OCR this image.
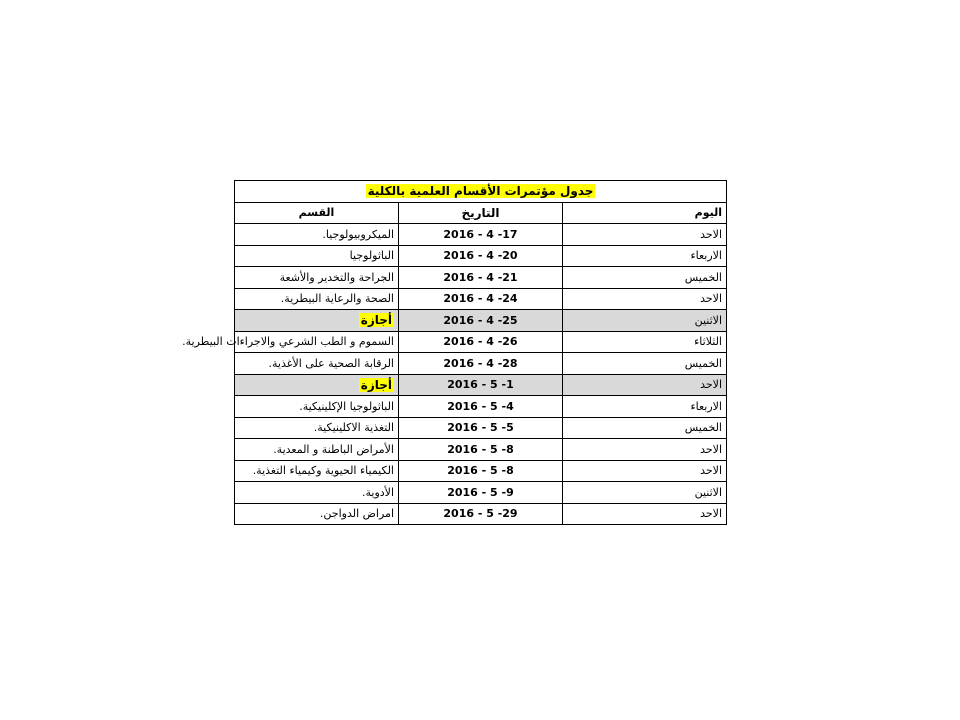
جدول مؤتمرات الأقسام العلمية بالكلية		
اليوم	التاريخ	القسم
الاحد	2016 - 4 -17	الميكروبيولوجيا.
الاربعاء	2016 - 4 -20	الباثولوجيا
الخميس	2016 - 4 -21	الجراحة والتخدير والأشعة
الاحد	2016 - 4 -24	الصحة والرعاية البيطرية.
الاثنين	2016 - 4 -25	أجازة
الثلاثاء	2016 - 4 -26	السموم و الطب الشرعي والاجراءات البيطرية.
الخميس	2016 - 4 -28	الرقابة الصحية على الأغذية.
الاحد	2016 - 5 -1	أجازة
الاربعاء	2016 - 5 -4	الباثولوجيا الإكلينيكية.
الخميس	2016 - 5 -5	التغذية الاكلينيكية.
الاحد	2016 - 5 -8	الأمراض الباطنة و المعدية.
الاحد	2016 - 5 -8	الكيمياء الحيوية وكيمياء التغذية.
الاثنين	2016 - 5 -9	الأدوية.
الاحد	2016 - 5 -29	امراض الدواجن.
